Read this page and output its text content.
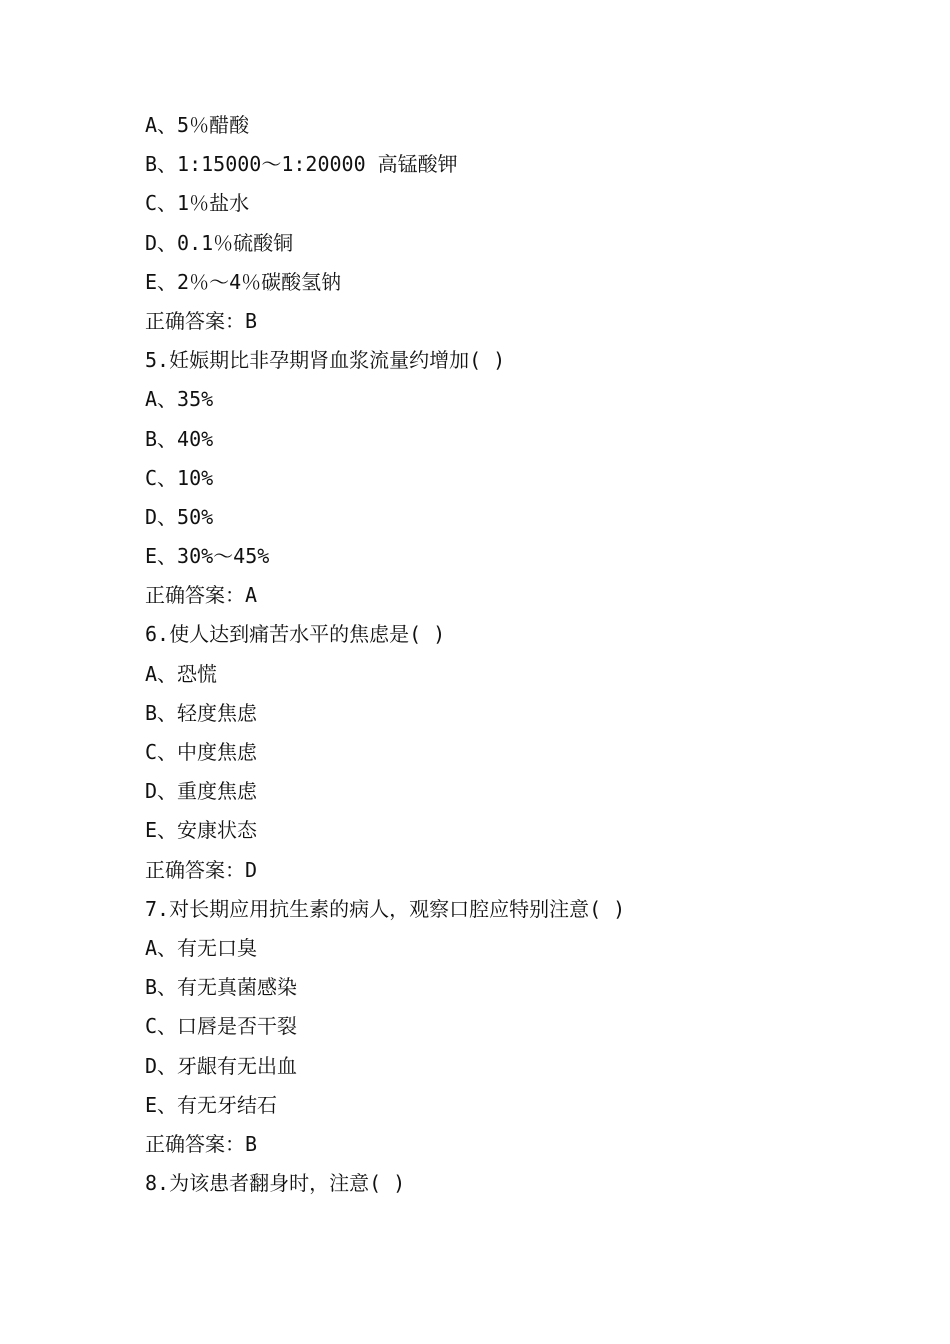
A、5％醋酸
B、1:15000～1:20000 高锰酸钾
C、1％盐水
D、0.1％硫酸铜
E、2％～4％碳酸氢钠
正确答案：B
5.妊娠期比非孕期肾血浆流量约增加( )
A、35%
B、40%
C、10%
D、50%
E、30%～45%
正确答案：A
6.使人达到痛苦水平的焦虑是( )
A、恐慌
B、轻度焦虑
C、中度焦虑
D、重度焦虑
E、安康状态
正确答案：D
7.对长期应用抗生素的病人，观察口腔应特别注意( )
A、有无口臭
B、有无真菌感染
C、口唇是否干裂
D、牙龈有无出血
E、有无牙结石
正确答案：B
8.为该患者翻身时，注意( )
